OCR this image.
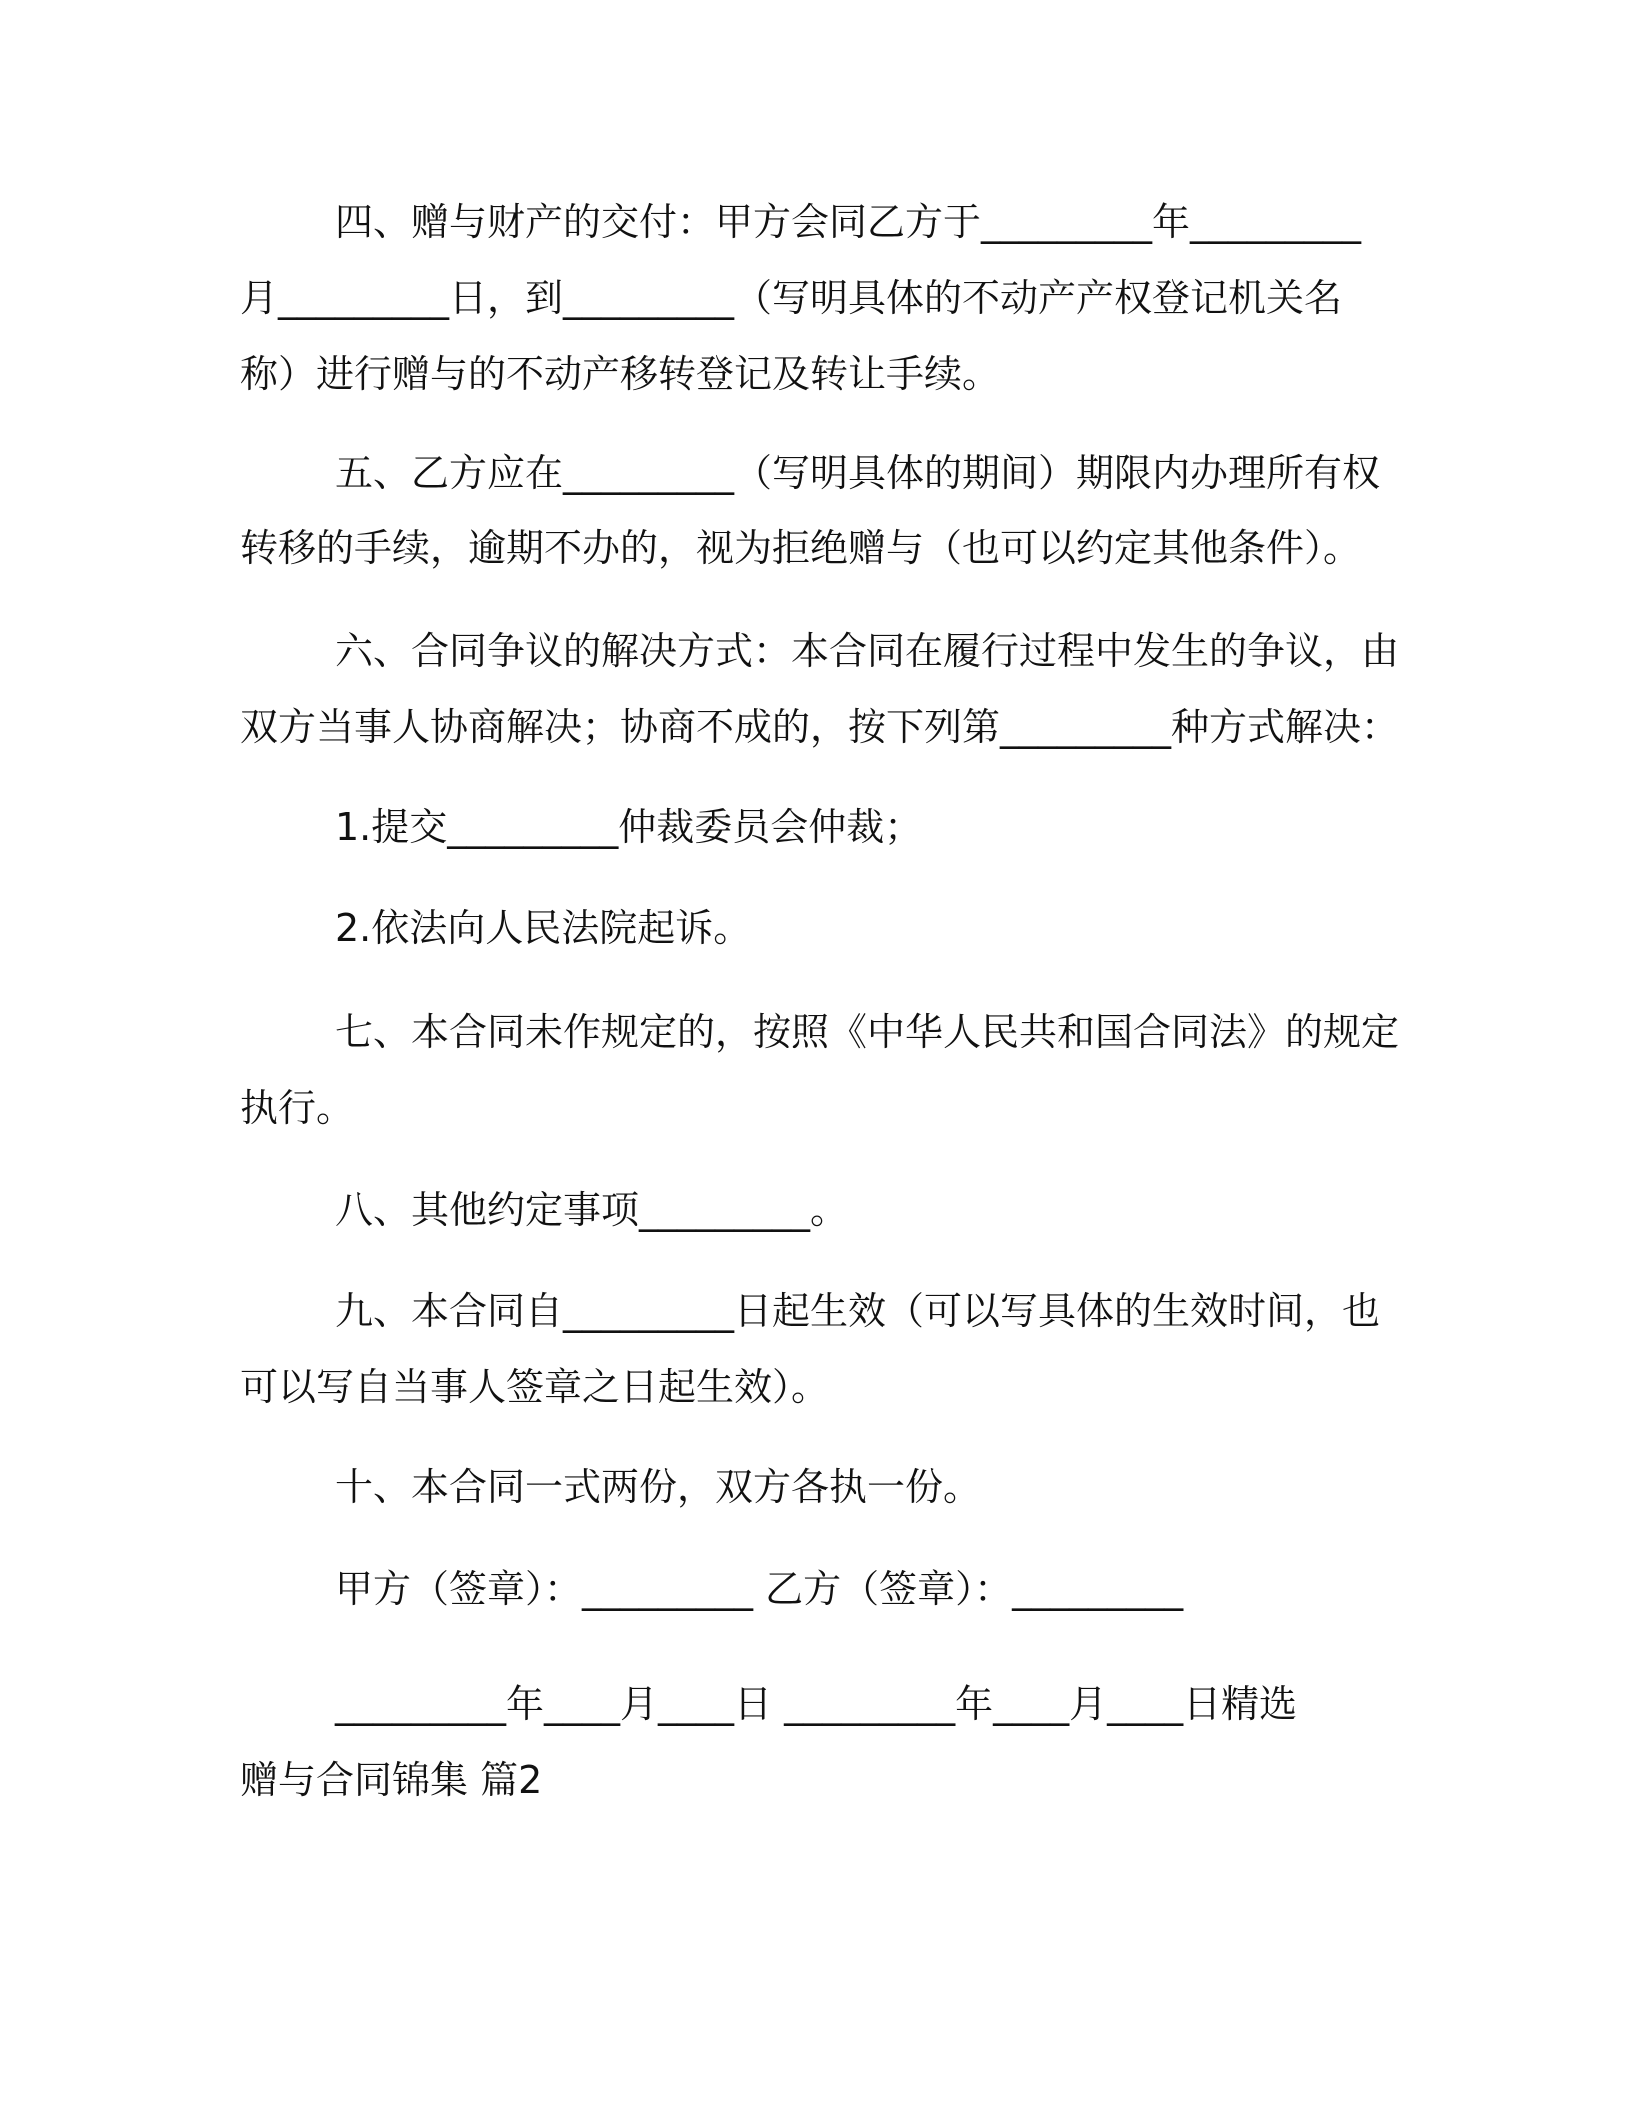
四、赠与财产的交付：甲方会同乙方于_________年_________
月_________日，到_________（写明具体的不动产产权登记机关名
称）进行赠与的不动产移转登记及转让手续。
五、乙方应在_________（写明具体的期间）期限内办理所有权
转移的手续，逾期不办的，视为拒绝赠与（也可以约定其他条件）。
六、合同争议的解决方式：本合同在履行过程中发生的争议，由
双方当事人协商解决；协商不成的，按下列第_________种方式解决：
1.提交_________仲裁委员会仲裁；
2.依法向人民法院起诉。
七、本合同未作规定的，按照《中华人民共和国合同法》的规定
执行。
八、其他约定事项_________。
九、本合同自_________日起生效（可以写具体的生效时间，也
可以写自当事人签章之日起生效）。
十、本合同一式两份，双方各执一份。
甲方（签章）：_________ 乙方（签章）：_________
_________年____月____日 _________年____月____日精选
赠与合同锦集 篇2
